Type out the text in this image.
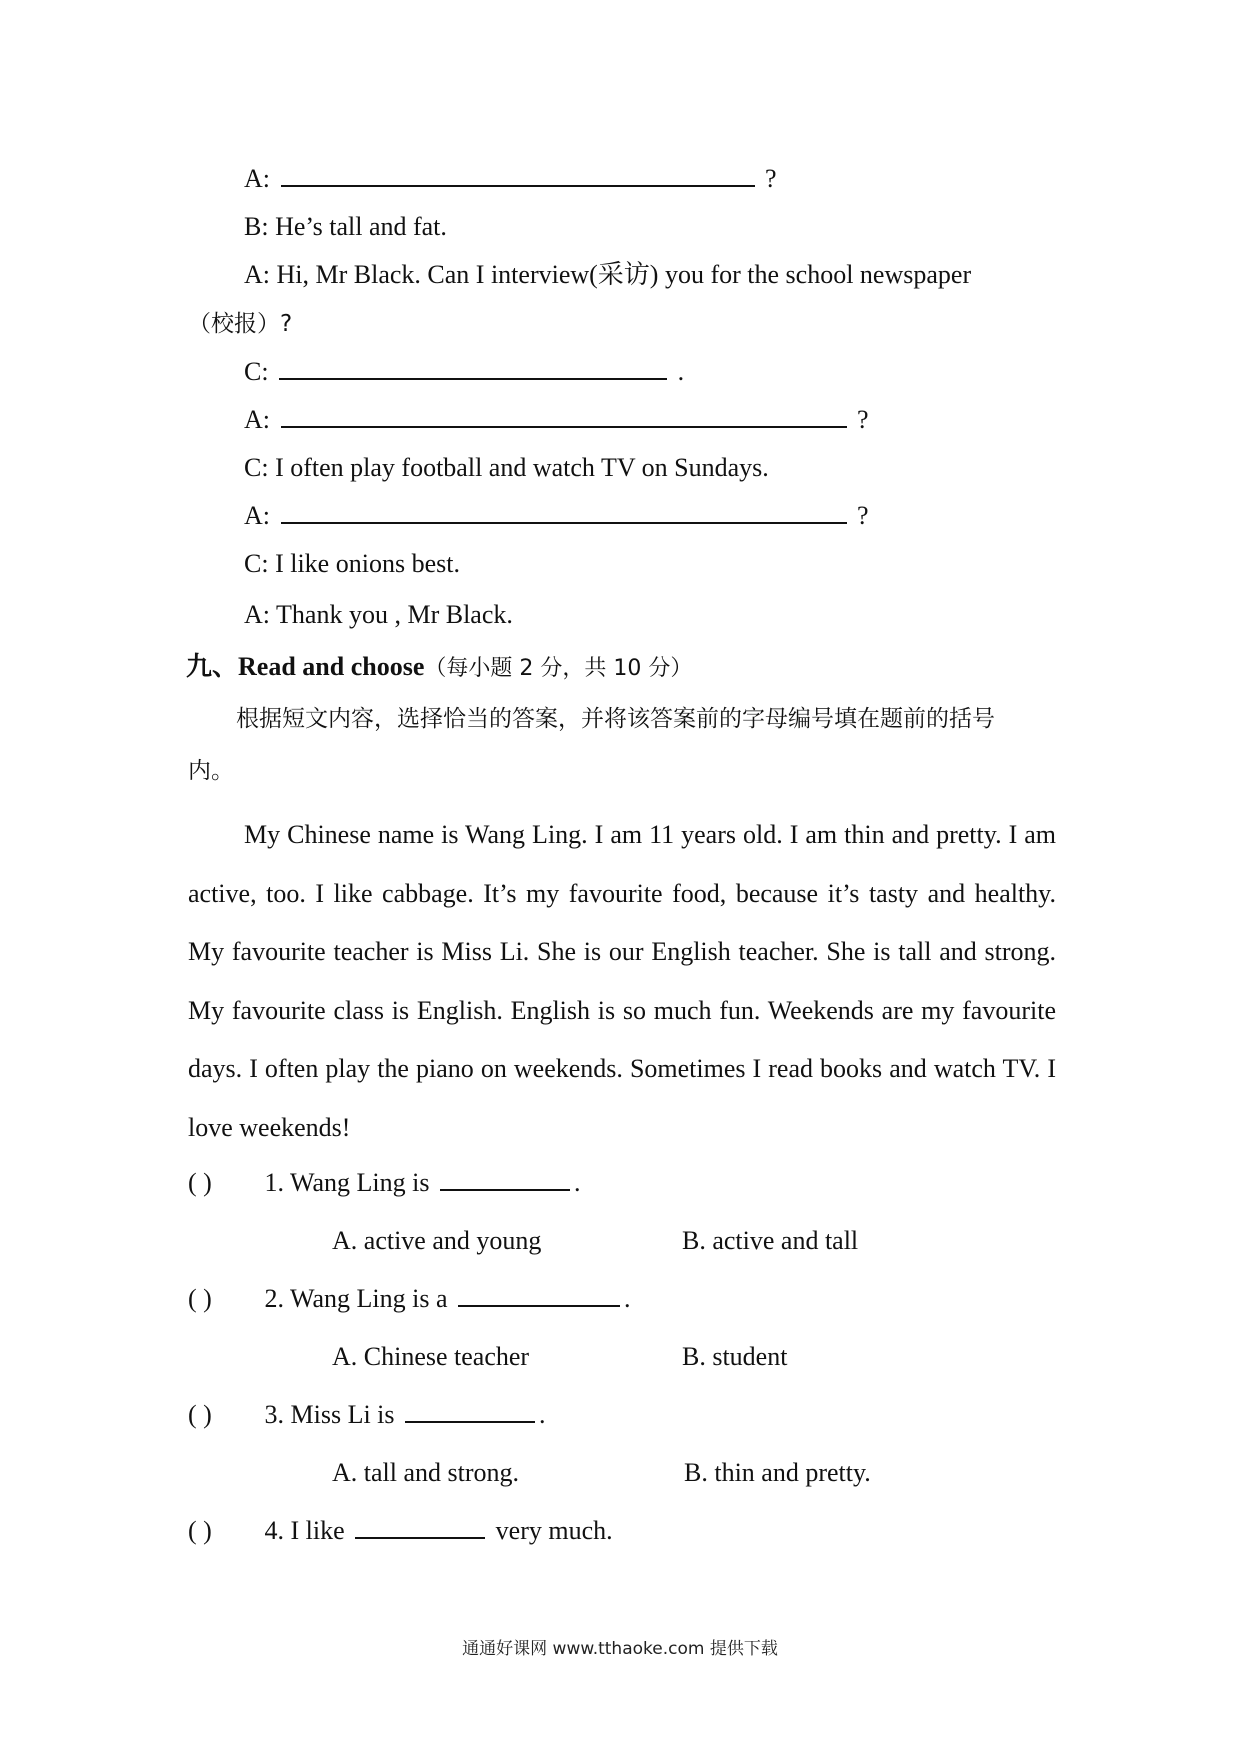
A:	?
B: He’s tall and fat.
A: Hi, Mr Black. Can I interview(采访) you for the school newspaper
（校报）?
C:	.
A:	?
C: I often play football and watch TV on Sundays.
A:	?
C: I like onions best.
A: Thank you , Mr Black.
九、Read and choose（每小题 2 分，共 10 分）
根据短文内容，选择恰当的答案，并将该答案前的字母编号填在题前的括号
内。
My Chinese name is Wang Ling. I am 11 years old. I am thin and pretty. I am active, too. I like cabbage. It’s my favourite food, because it’s tasty and healthy. My favourite teacher is Miss Li. She is our English teacher. She is tall and strong. My favourite class is English. English is so much fun. Weekends are my favourite days. I often play the piano on weekends. Sometimes I read books and watch TV. I love weekends!
( ) 1. Wang Ling is	.
A. active and young	B. active and tall
( ) 2. Wang Ling is a	.
A. Chinese teacher	B. student
( ) 3. Miss Li is	.
A. tall and strong.	B. thin and pretty.
( ) 4. I like	very much.
通通好课网 www.tthaoke.com 提供下载
